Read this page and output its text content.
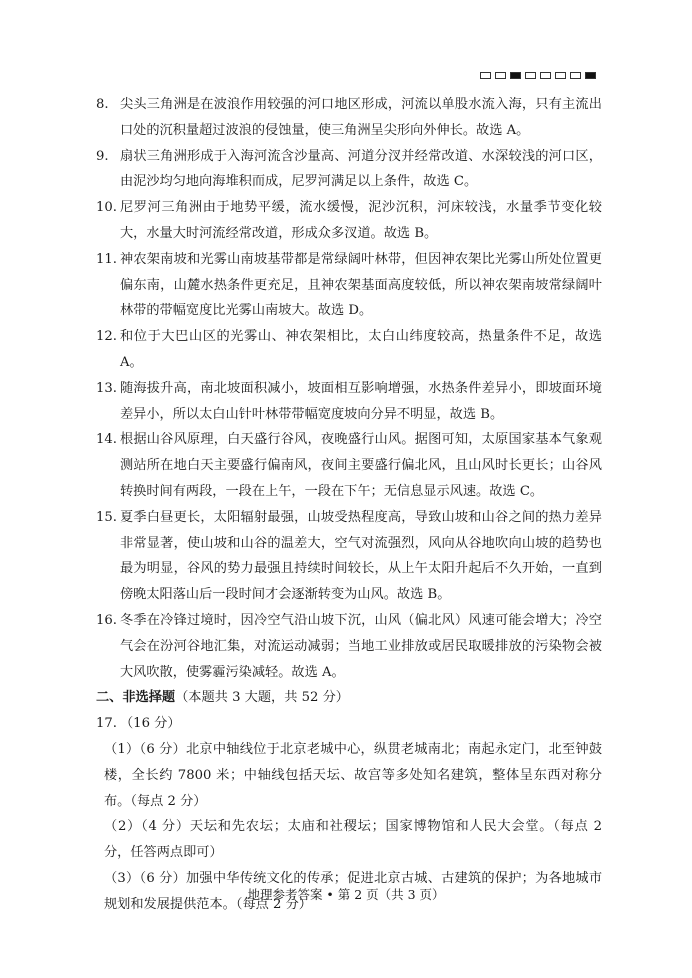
8. 尖头三角洲是在波浪作用较强的河口地区形成，河流以单股水流入海，只有主流出口处的沉积量超过波浪的侵蚀量，使三角洲呈尖形向外伸长。故选 A。
9. 扇状三角洲形成于入海河流含沙量高、河道分汊并经常改道、水深较浅的河口区，由泥沙均匀地向海堆积而成，尼罗河满足以上条件，故选 C。
10. 尼罗河三角洲由于地势平缓，流水缓慢，泥沙沉积，河床较浅，水量季节变化较大，水量大时河流经常改道，形成众多汊道。故选 B。
11. 神农架南坡和光雾山南坡基带都是常绿阔叶林带，但因神农架比光雾山所处位置更偏东南，山麓水热条件更充足，且神农架基面高度较低，所以神农架南坡常绿阔叶林带的带幅宽度比光雾山南坡大。故选 D。
12. 和位于大巴山区的光雾山、神农架相比，太白山纬度较高，热量条件不足，故选 A。
13. 随海拔升高，南北坡面积减小，坡面相互影响增强，水热条件差异小，即坡面环境差异小，所以太白山针叶林带带幅宽度坡向分异不明显，故选 B。
14. 根据山谷风原理，白天盛行谷风，夜晚盛行山风。据图可知，太原国家基本气象观测站所在地白天主要盛行偏南风，夜间主要盛行偏北风，且山风时长更长；山谷风转换时间有两段，一段在上午，一段在下午；无信息显示风速。故选 C。
15. 夏季白昼更长，太阳辐射最强，山坡受热程度高，导致山坡和山谷之间的热力差异非常显著，使山坡和山谷的温差大，空气对流强烈，风向从谷地吹向山坡的趋势也最为明显，谷风的势力最强且持续时间较长，从上午太阳升起后不久开始，一直到傍晚太阳落山后一段时间才会逐渐转变为山风。故选 B。
16. 冬季在冷锋过境时，因冷空气沿山坡下沉，山风（偏北风）风速可能会增大；冷空气会在汾河谷地汇集，对流运动减弱；当地工业排放或居民取暖排放的污染物会被大风吹散，使雾霾污染减轻。故选 A。
二、非选择题（本题共 3 大题，共 52 分）
17. （16 分）
（1）（6 分）北京中轴线位于北京老城中心，纵贯老城南北；南起永定门，北至钟鼓楼，全长约 7800 米；中轴线包括天坛、故宫等多处知名建筑，整体呈东西对称分布。（每点 2 分）
（2）（4 分）天坛和先农坛；太庙和社稷坛；国家博物馆和人民大会堂。（每点 2 分，任答两点即可）
（3）（6 分）加强中华传统文化的传承；促进北京古城、古建筑的保护；为各地城市规划和发展提供范本。（每点 2 分）
地理参考答案 • 第 2 页（共 3 页）
